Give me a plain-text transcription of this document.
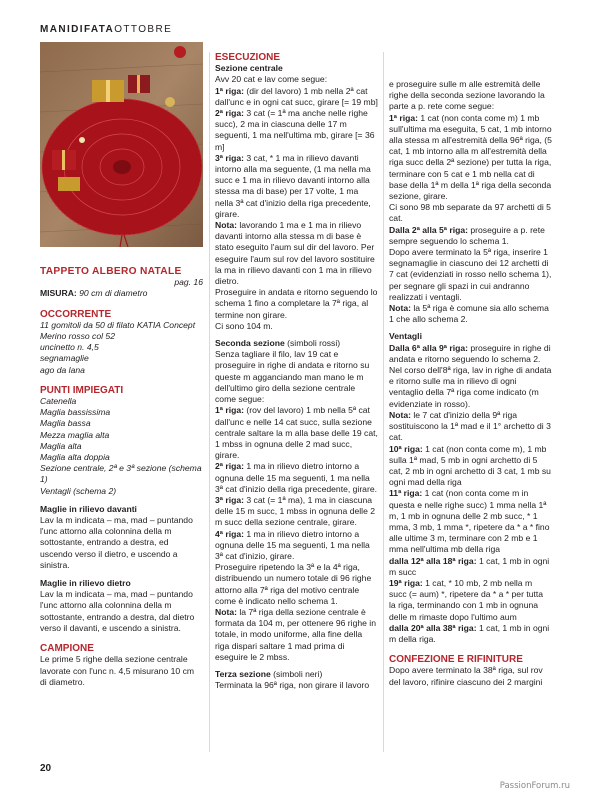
MANIDIFATAOTTOBRE

TAPPETO ALBERO NATALE

pag. 16

MISURA: 90 cm di diametro

OCCORRENTE

11 gomitoli da 50 di filato KATIA Concept

Merino rosso col 52

uncinetto n. 4,5

segnamaglie

ago da lana

PUNTI IMPIEGATI

Catenella

Maglia bassissima

Maglia bassa

Mezza maglia alta

Maglia alta

Maglia alta doppia

Sezione centrale, 2ª e 3ª sezione (schema 1)

Ventagli (schema 2)

Maglie in rilievo davanti

Lav la m indicata – ma, mad – puntando l'unc attorno alla colonnina della m sottostante, entrando a destra, ed uscendo verso il dietro, e uscendo a sinistra.

Maglie in rilievo dietro

Lav la m indicata – ma, mad – puntando l'unc attorno alla colonnina della m sottostante, entrando a destra, dal dietro verso il davanti, e uscendo a sinistra.

CAMPIONE

Le prime 5 righe della sezione centrale lavorate con l'unc n. 4,5 misurano 10 cm di diametro.

ESECUZIONE

Sezione centrale

Avv 20 cat e lav come segue:

1ª riga: (dir del lavoro) 1 mb nella 2ª cat dall'unc e in ogni cat succ, girare [= 19 mb]

2ª riga: 3 cat (= 1ª ma anche nelle righe succ), 2 ma in ciascuna delle 17 m seguenti, 1 ma nell'ultima mb, girare [= 36 m]

3ª riga: 3 cat, * 1 ma in rilievo davanti intorno alla ma seguente, (1 ma nella ma succ e 1 ma in rilievo davanti intorno alla stessa ma di base) per 17 volte, 1 ma nella 3ª cat d'inizio della riga precedente, girare.

Nota: lavorando 1 ma e 1 ma in rilievo davanti intorno alla stessa m di base è stato eseguito l'aum sul dir del lavoro. Per eseguire l'aum sul rov del lavoro sostituire la ma in rilievo davanti con 1 ma in rilievo dietro.

Proseguire in andata e ritorno seguendo lo schema 1 fino a completare la 7ª riga, al termine non girare.

Ci sono 104 m.

Seconda sezione (simboli rossi)

Senza tagliare il filo, lav 19 cat e proseguire in righe di andata e ritorno su queste m agganciando man mano le m dell'ultimo giro della sezione centrale come segue:

1ª riga: (rov del lavoro) 1 mb nella 5ª cat dall'unc e nelle 14 cat succ, sulla sezione centrale saltare la m alla base delle 19 cat, 1 mbss in ognuna delle 2 mad succ, girare.

2ª riga: 1 ma in rilievo dietro intorno a ognuna delle 15 ma seguenti, 1 ma nella 3ª cat d'inizio della riga precedente, girare.

3ª riga: 3 cat (= 1ª ma), 1 ma in ciascuna delle 15 m succ, 1 mbss in ognuna delle 2 m succ della sezione centrale, girare.

4ª riga: 1 ma in rilievo dietro intorno a ognuna delle 15 ma seguenti, 1 ma nella 3ª cat d'inizio, girare.

Proseguire ripetendo la 3ª e la 4ª riga, distribuendo un numero totale di 96 righe attorno alla 7ª riga del motivo centrale come è indicato nello schema 1.

Nota: la 7ª riga della sezione centrale è formata da 104 m, per ottenere 96 righe in totale, in modo uniforme, alla fine della riga dispari saltare 1 mad prima di eseguire le 2 mbss.

Terza sezione (simboli neri)

Terminata la 96ª riga, non girare il lavoro

e proseguire sulle m alle estremità delle righe della seconda sezione lavorando la parte a p. rete come segue:

1ª riga: 1 cat (non conta come m) 1 mb sull'ultima ma eseguita, 5 cat, 1 mb intorno alla stessa m all'estremità della 96ª riga, (5 cat, 1 mb intorno alla m all'estremità della riga succ della 2ª sezione) per tutta la riga, terminare con 5 cat e 1 mb nella cat di base della 1ª m della 1ª riga della seconda sezione, girare.

Ci sono 98 mb separate da 97 archetti di 5 cat.

Dalla 2ª alla 5ª riga: proseguire a p. rete sempre seguendo lo schema 1.

Dopo avere terminato la 5ª riga, inserire 1 segnamaglie in ciascuno dei 12 archetti di 7 cat (evidenziati in rosso nello schema 1), per segnare gli spazi in cui andranno realizzati i ventagli.

Nota: la 5ª riga è comune sia allo schema 1 che allo schema 2.

Ventagli

Dalla 6ª alla 9ª riga: proseguire in righe di andata e ritorno seguendo lo schema 2. Nel corso dell'8ª riga, lav in righe di andata e ritorno sulle ma in rilievo di ogni ventaglio della 7ª riga come indicato (m evidenziate in rosso).

Nota: le 7 cat d'inizio della 9ª riga sostituiscono la 1ª mad e il 1° archetto di 3 cat.

10ª riga: 1 cat (non conta come m), 1 mb sulla 1ª mad, 5 mb in ogni archetto di 5 cat, 2 mb in ogni archetto di 3 cat, 1 mb su ogni mad della riga

11ª riga: 1 cat (non conta come m in questa e nelle righe succ) 1 mma nella 1ª m, 1 mb in ognuna delle 2 mb succ, * 1 mma, 3 mb, 1 mma *, ripetere da * a * fino alle ultime 3 m, terminare con 2 mb e 1 mma nell'ultima mb della riga

dalla 12ª alla 18ª riga: 1 cat, 1 mb in ogni m succ

19ª riga: 1 cat, * 10 mb, 2 mb nella m succ (= aum) *, ripetere da * a * per tutta la riga, terminando con 1 mb in ognuna delle m rimaste dopo l'ultimo aum

dalla 20ª alla 38ª riga: 1 cat, 1 mb in ogni m della riga.

CONFEZIONE E RIFINITURE

Dopo avere terminato la 38ª riga, sul rov del lavoro, rifinire ciascuno dei 2 margini

20
PassionForum.ru
